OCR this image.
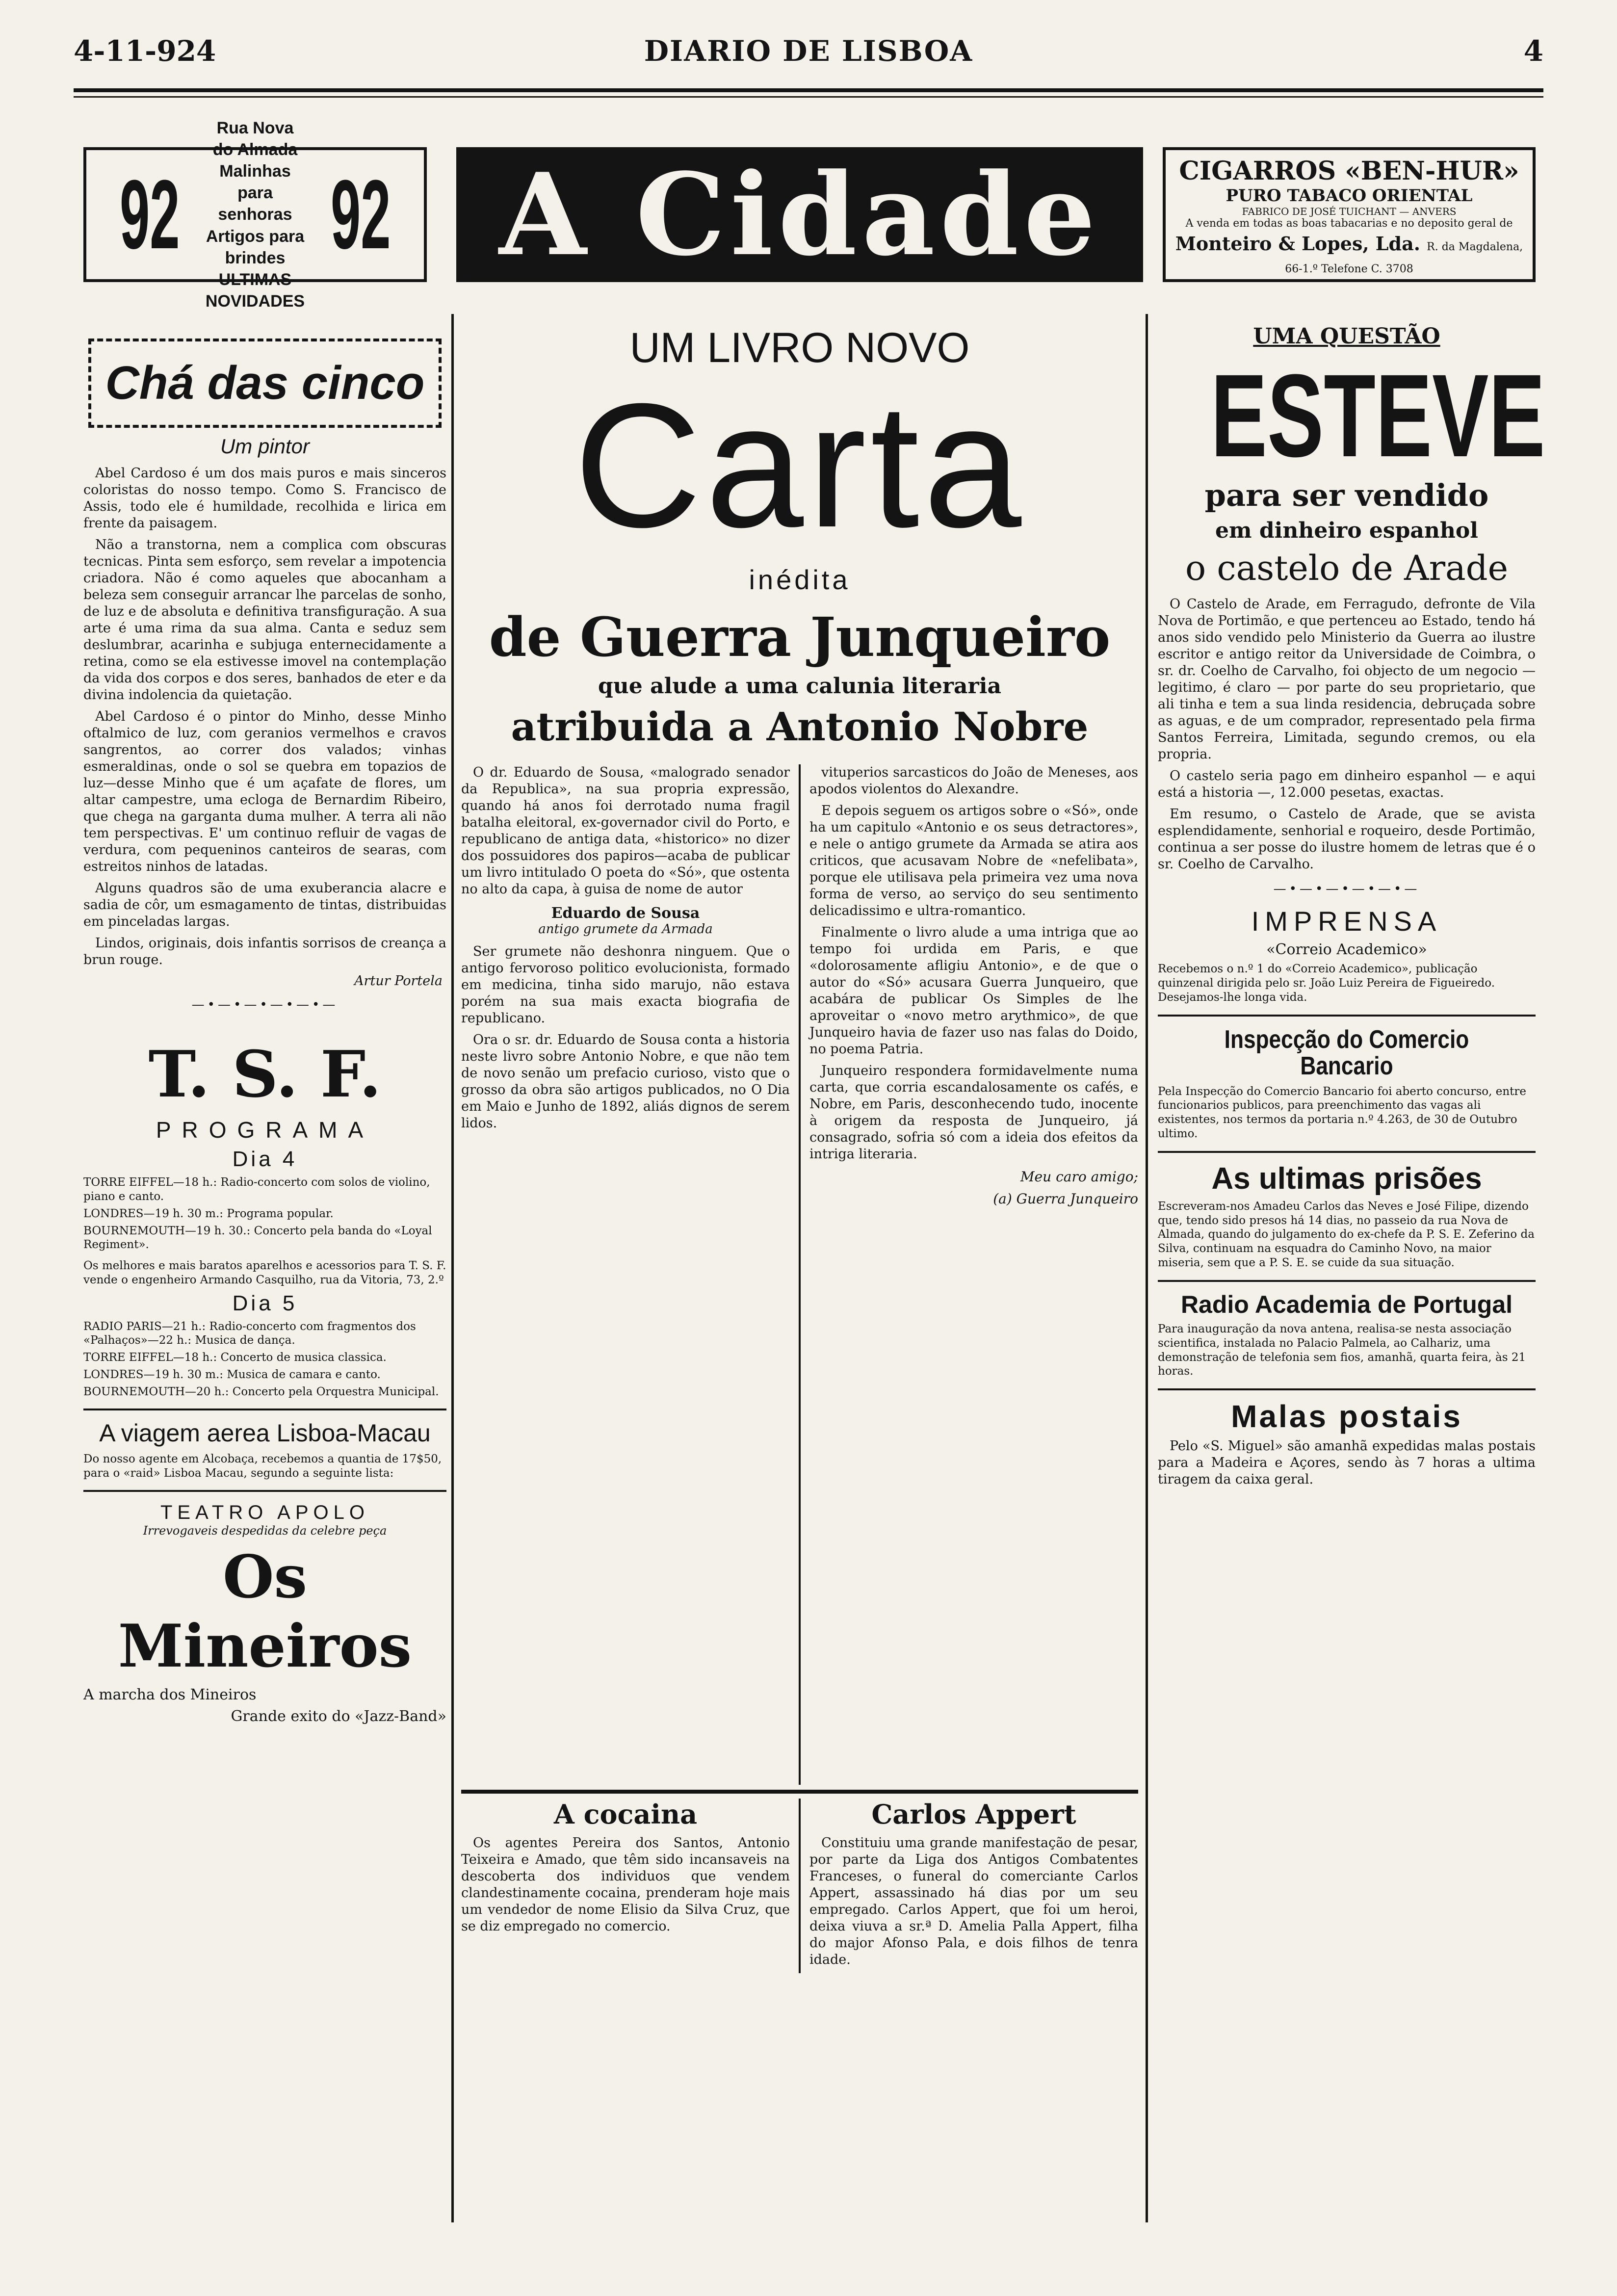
4-11-924	DIARIO DE LISBOA	4
92
Rua Nova do Almada
Malinhas para senhoras
Artigos para brindes
ULTIMAS NOVIDADES
92 A Cidade	CIGARROS «BEN-HUR»
PURO TABACO ORIENTAL
FABRICO DE JOSÉ TUICHANT — ANVERS
A venda em todas as boas tabacarias e no deposito geral de
Monteiro & Lopes, Lda. R. da Magdalena, 66-1.º Telefone C. 3708
Chá das cinco
Um pintor

Abel Cardoso é um dos mais puros e mais sinceros coloristas do nosso tempo. Como S. Francisco de Assis, todo ele é humildade, recolhida e lirica em frente da paisagem.

Não a transtorna, nem a complica com obscuras tecnicas. Pinta sem esforço, sem revelar a impotencia criadora. Não é como aqueles que abocanham a beleza sem conseguir arrancar lhe parcelas de sonho, de luz e de absoluta e definitiva transfiguração. A sua arte é uma rima da sua alma. Canta e seduz sem deslumbrar, acarinha e subjuga enternecidamente a retina, como se ela estivesse imovel na contemplação da vida dos corpos e dos seres, banhados de eter e da divina indolencia da quietação.

Abel Cardoso é o pintor do Minho, desse Minho oftalmico de luz, com geranios vermelhos e cravos sangrentos, ao correr dos valados; vinhas esmeraldinas, onde o sol se quebra em topazios de luz—desse Minho que é um açafate de flores, um altar campestre, uma ecloga de Bernardim Ribeiro, que chega na garganta duma mulher. A terra ali não tem perspectivas. E' um continuo refluir de vagas de verdura, com pequeninos canteiros de searas, com estreitos ninhos de latadas.

Alguns quadros são de uma exuberancia alacre e sadia de côr, um esmagamento de tintas, distribuidas em pinceladas largas.

Lindos, originais, dois infantis sorrisos de creança a brun rouge.

Artur Portela
—•—•—•—•—•—
T. S. F.
PROGRAMA
Dia 4

TORRE EIFFEL—18 h.: Radio-concerto com solos de violino, piano e canto.

LONDRES—19 h. 30 m.: Programa popular.

BOURNEMOUTH—19 h. 30.: Concerto pela banda do «Loyal Regiment».

Os melhores e mais baratos aparelhos e acessorios para T. S. F. vende o engenheiro Armando Casquilho, rua da Vitoria, 73, 2.º

Dia 5

RADIO PARIS—21 h.: Radio-concerto com fragmentos dos «Palhaços»—22 h.: Musica de dança.

TORRE EIFFEL—18 h.: Concerto de musica classica.

LONDRES—19 h. 30 m.: Musica de camara e canto.

BOURNEMOUTH—20 h.: Concerto pela Orquestra Municipal.

A viagem aerea Lisboa-Macau

Do nosso agente em Alcobaça, recebemos a quantia de 17$50, para o «raid» Lisboa Macau, segundo a seguinte lista:

TEATRO APOLO
Irrevogaveis despedidas da celebre peça
Os Mineiros

A marcha dos Mineiros

Grande exito do «Jazz-Band»

UM LIVRO NOVO
Carta
inédita
de Guerra Junqueiro
que alude a uma calunia literaria
atribuida a Antonio Nobre

O dr. Eduardo de Sousa, «malogrado senador da Republica», na sua propria expressão, quando há anos foi derrotado numa fragil batalha eleitoral, ex-governador civil do Porto, e republicano de antiga data, «historico» no dizer dos possuidores dos papiros—acaba de publicar um livro intitulado O poeta do «Só», que ostenta no alto da capa, à guisa de nome de autor

Eduardo de Sousa
antigo grumete da Armada

Ser grumete não deshonra ninguem. Que o antigo fervoroso politico evolucionista, formado em medicina, tinha sido marujo, não estava porém na sua mais exacta biografia de republicano.

Ora o sr. dr. Eduardo de Sousa conta a historia neste livro sobre Antonio Nobre, e que não tem de novo senão um prefacio curioso, visto que o grosso da obra são artigos publicados, no O Dia em Maio e Junho de 1892, aliás dignos de serem lidos.

vituperios sarcasticos do João de Meneses, aos apodos violentos do Alexandre.

E depois seguem os artigos sobre o «Só», onde ha um capitulo «Antonio e os seus detractores», e nele o antigo grumete da Armada se atira aos criticos, que acusavam Nobre de «nefelibata», porque ele utilisava pela primeira vez uma nova forma de verso, ao serviço do seu sentimento delicadissimo e ultra-romantico.

Finalmente o livro alude a uma intriga que ao tempo foi urdida em Paris, e que «dolorosamente afligiu Antonio», e de que o autor do «Só» acusara Guerra Junqueiro, que acabára de publicar Os Simples de lhe aproveitar o «novo metro arythmico», de que Junqueiro havia de fazer uso nas falas do Doido, no poema Patria.

Junqueiro respondera formidavelmente numa carta, que corria escandalosamente os cafés, e Nobre, em Paris, desconhecendo tudo, inocente à origem da resposta de Junqueiro, já consagrado, sofria só com a ideia dos efeitos da intriga literaria.

Meu caro amigo;
(a) Guerra Junqueiro
A cocaina

Os agentes Pereira dos Santos, Antonio Teixeira e Amado, que têm sido incansaveis na descoberta dos individuos que vendem clandestinamente cocaina, prenderam hoje mais um vendedor de nome Elisio da Silva Cruz, que se diz empregado no comercio.

Carlos Appert

Constituiu uma grande manifestação de pesar, por parte da Liga dos Antigos Combatentes Franceses, o funeral do comerciante Carlos Appert, assassinado há dias por um seu empregado. Carlos Appert, que foi um heroi, deixa viuva a sr.ª D. Amelia Palla Appert, filha do major Afonso Pala, e dois filhos de tenra idade.

UMA QUESTÃO
ESTEVE
para ser vendido
em dinheiro espanhol
o castelo de Arade

O Castelo de Arade, em Ferragudo, defronte de Vila Nova de Portimão, e que pertenceu ao Estado, tendo há anos sido vendido pelo Ministerio da Guerra ao ilustre escritor e antigo reitor da Universidade de Coimbra, o sr. dr. Coelho de Carvalho, foi objecto de um negocio — legitimo, é claro — por parte do seu proprietario, que ali tinha e tem a sua linda residencia, debruçada sobre as aguas, e de um comprador, representado pela firma Santos Ferreira, Limitada, segundo cremos, ou ela propria.

O castelo seria pago em dinheiro espanhol — e aqui está a historia —, 12.000 pesetas, exactas.

Em resumo, o Castelo de Arade, que se avista esplendidamente, senhorial e roqueiro, desde Portimão, continua a ser posse do ilustre homem de letras que é o sr. Coelho de Carvalho.

—•—•—•—•—•—
IMPRENSA
«Correio Academico»

Recebemos o n.º 1 do «Correio Academico», publicação quinzenal dirigida pelo sr. João Luiz Pereira de Figueiredo. Desejamos-lhe longa vida.

Inspecção do Comercio Bancario

Pela Inspecção do Comercio Bancario foi aberto concurso, entre funcionarios publicos, para preenchimento das vagas ali existentes, nos termos da portaria n.º 4.263, de 30 de Outubro ultimo.

As ultimas prisões

Escreveram-nos Amadeu Carlos das Neves e José Filipe, dizendo que, tendo sido presos há 14 dias, no passeio da rua Nova de Almada, quando do julgamento do ex-chefe da P. S. E. Zeferino da Silva, continuam na esquadra do Caminho Novo, na maior miseria, sem que a P. S. E. se cuide da sua situação.

Radio Academia de Portugal

Para inauguração da nova antena, realisa-se nesta associação scientifica, instalada no Palacio Palmela, ao Calhariz, uma demonstração de telefonia sem fios, amanhã, quarta feira, às 21 horas.

Malas postais

Pelo «S. Miguel» são amanhã expedidas malas postais para a Madeira e Açores, sendo às 7 horas a ultima tiragem da caixa geral.
